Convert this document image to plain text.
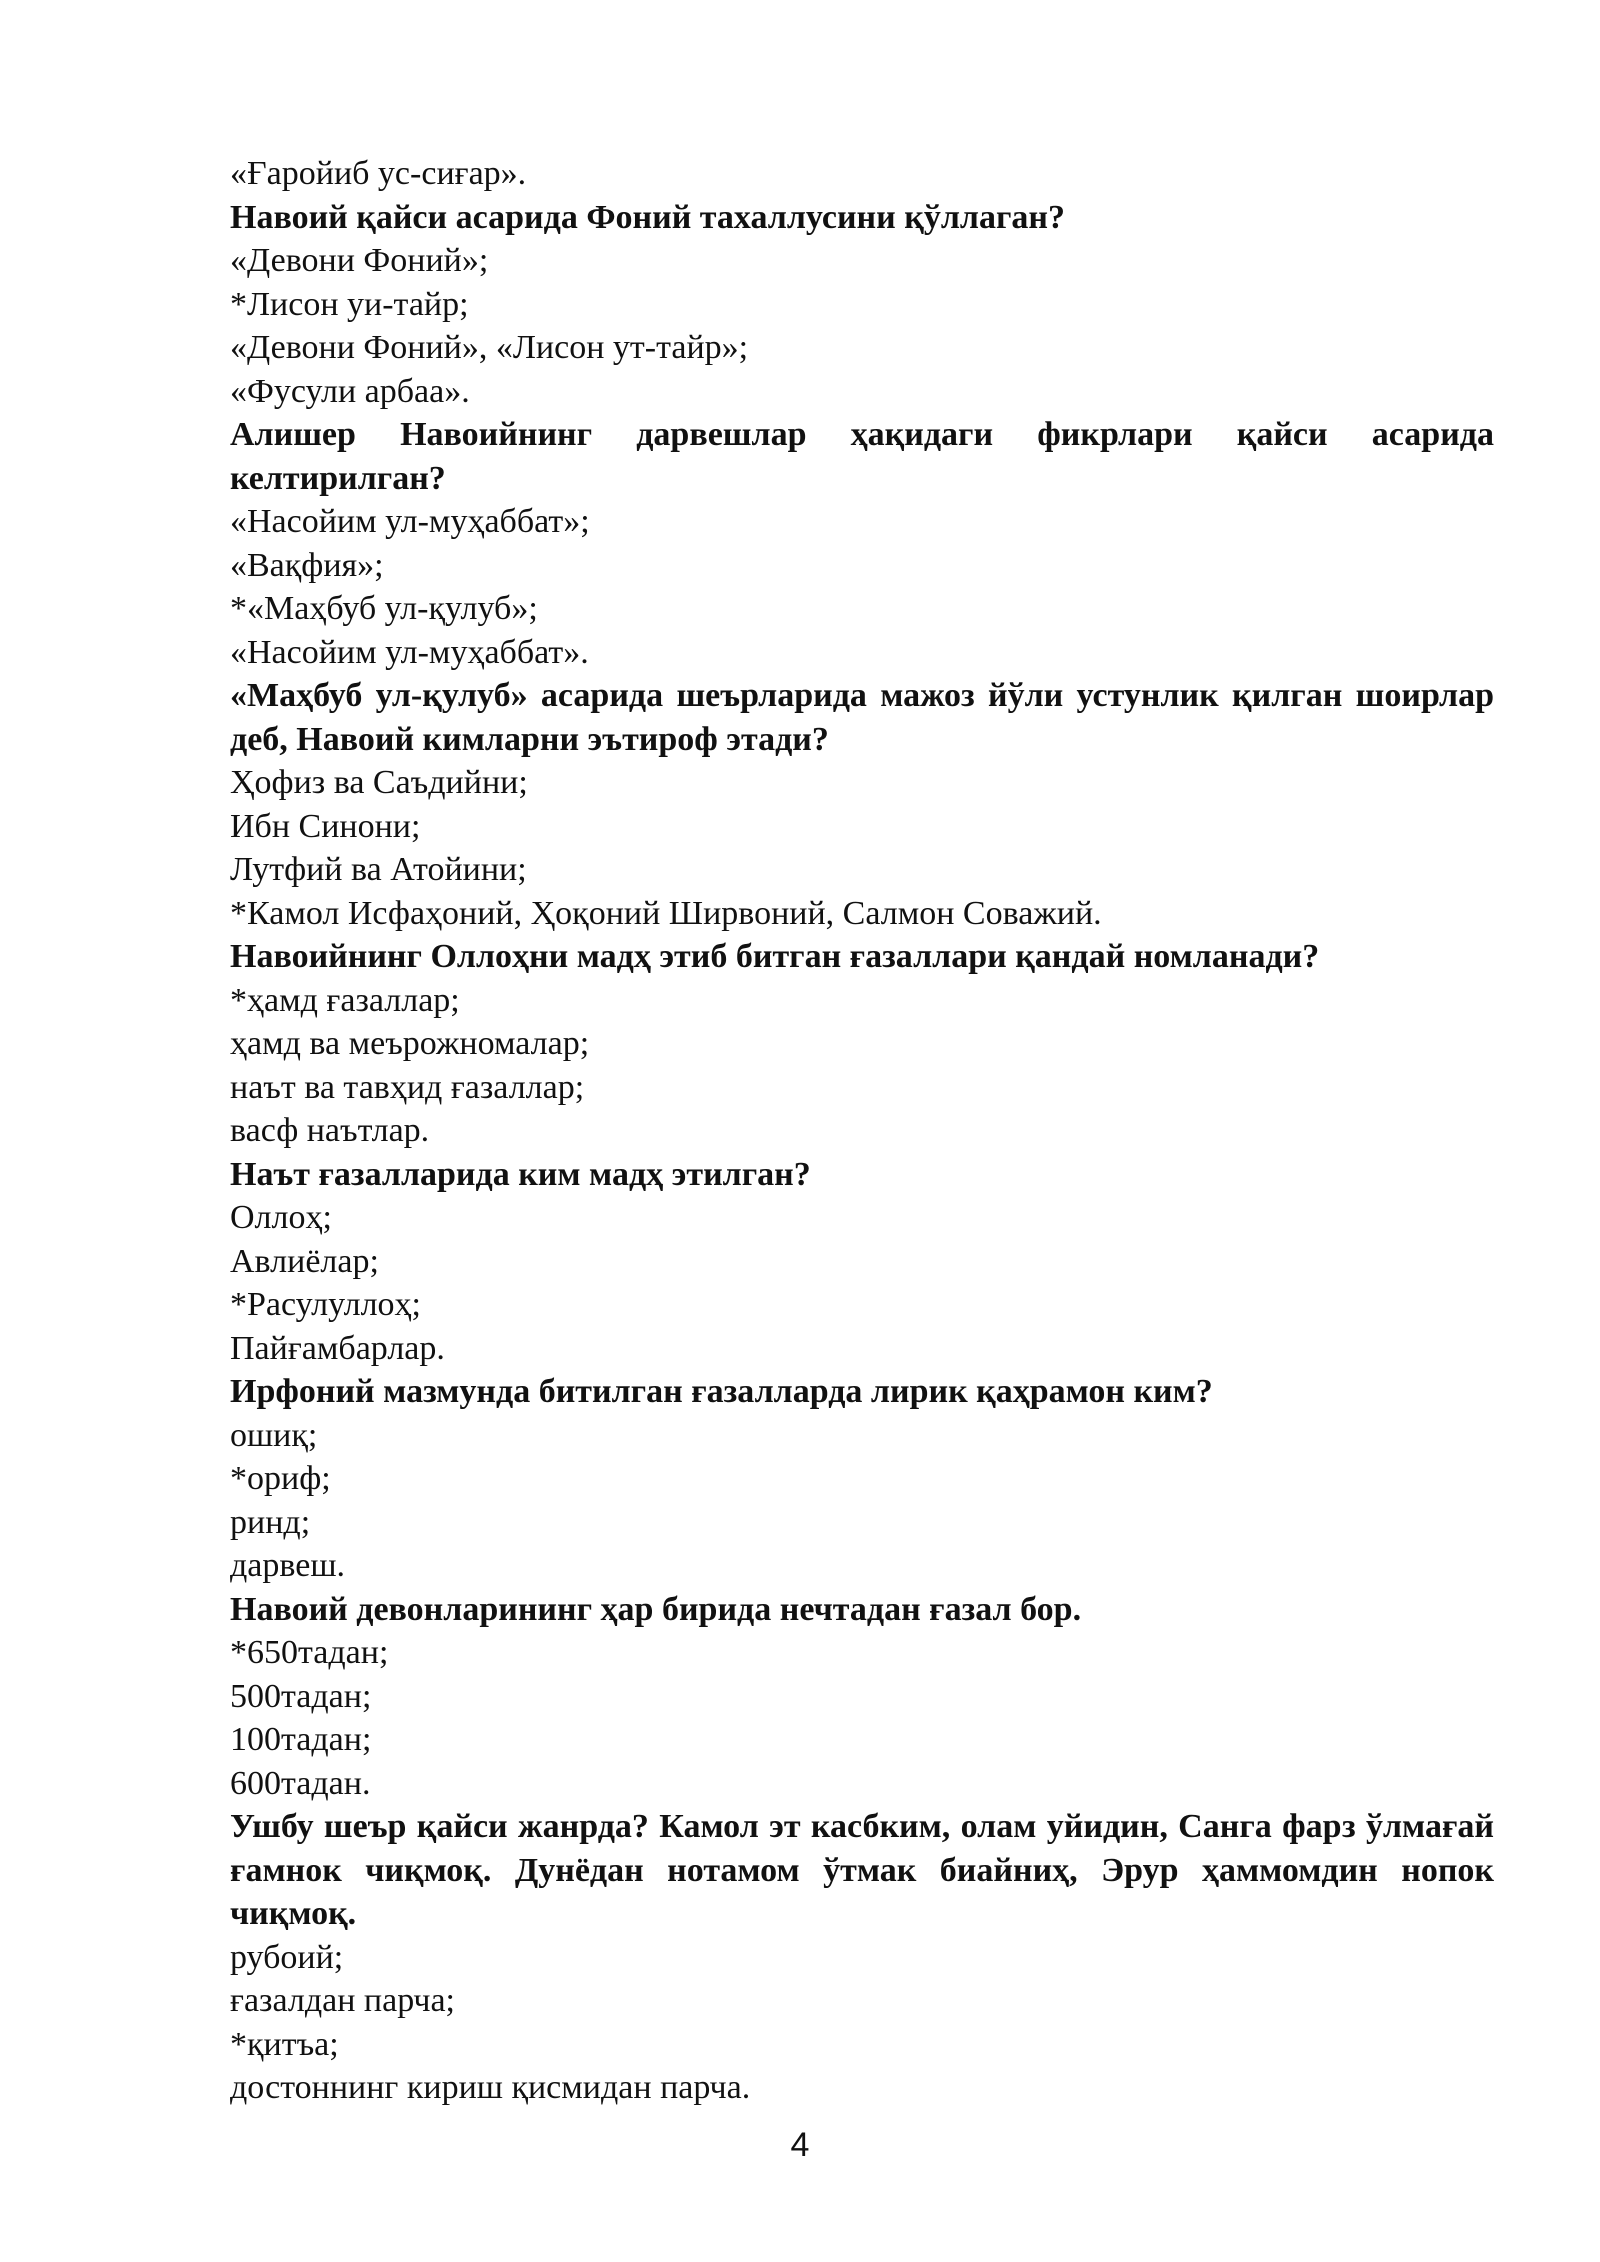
«Ғаройиб ус-сиғар».
Навоий қайси асарида Фоний тахаллусини қўллаган?
«Девони Фоний»;
*Лисон уи-тайр;
«Девони Фоний», «Лисон ут-тайр»;
«Фусули арбаа».
Алишер Навоийнинг дарвешлар ҳақидаги фикрлари қайси асарида келтирилган?
«Насойим ул-муҳаббат»;
«Вақфия»;
*«Маҳбуб ул-қулуб»;
«Насойим ул-муҳаббат».
«Маҳбуб ул-қулуб» асарида шеърларида мажоз йўли устунлик қилган шоирлар деб, Навоий кимларни эътироф этади?
Ҳофиз ва Саъдийни;
Ибн Синони;
Лутфий ва Атойини;
*Камол Исфаҳоний, Ҳоқоний Ширвоний, Салмон Соважий.
Навоийнинг Оллоҳни мадҳ этиб битган ғазаллари қандай номланади?
*ҳамд ғазаллар;
ҳамд ва меърожномалар;
наът ва тавҳид ғазаллар;
васф наътлар.
Наът ғазалларида ким мадҳ этилган?
Оллоҳ;
Авлиёлар;
*Расулуллоҳ;
Пайғамбарлар.
Ирфоний мазмунда битилган ғазалларда лирик қаҳрамон ким?
ошиқ;
*ориф;
ринд;
дарвеш.
Навоий девонларининг ҳар бирида нечтадан ғазал бор.
*650тадан;
500тадан;
100тадан;
600тадан.
Ушбу шеър қайси жанрда? Камол эт касбким, олам уйидин, Санга фарз ўлмағай ғамнок чиқмоқ. Дунёдан нотамом ўтмак биайниҳ, Эрур ҳаммомдин нопок чиқмоқ.
рубоий;
ғазалдан парча;
*қитъа;
достоннинг кириш қисмидан парча.
4
